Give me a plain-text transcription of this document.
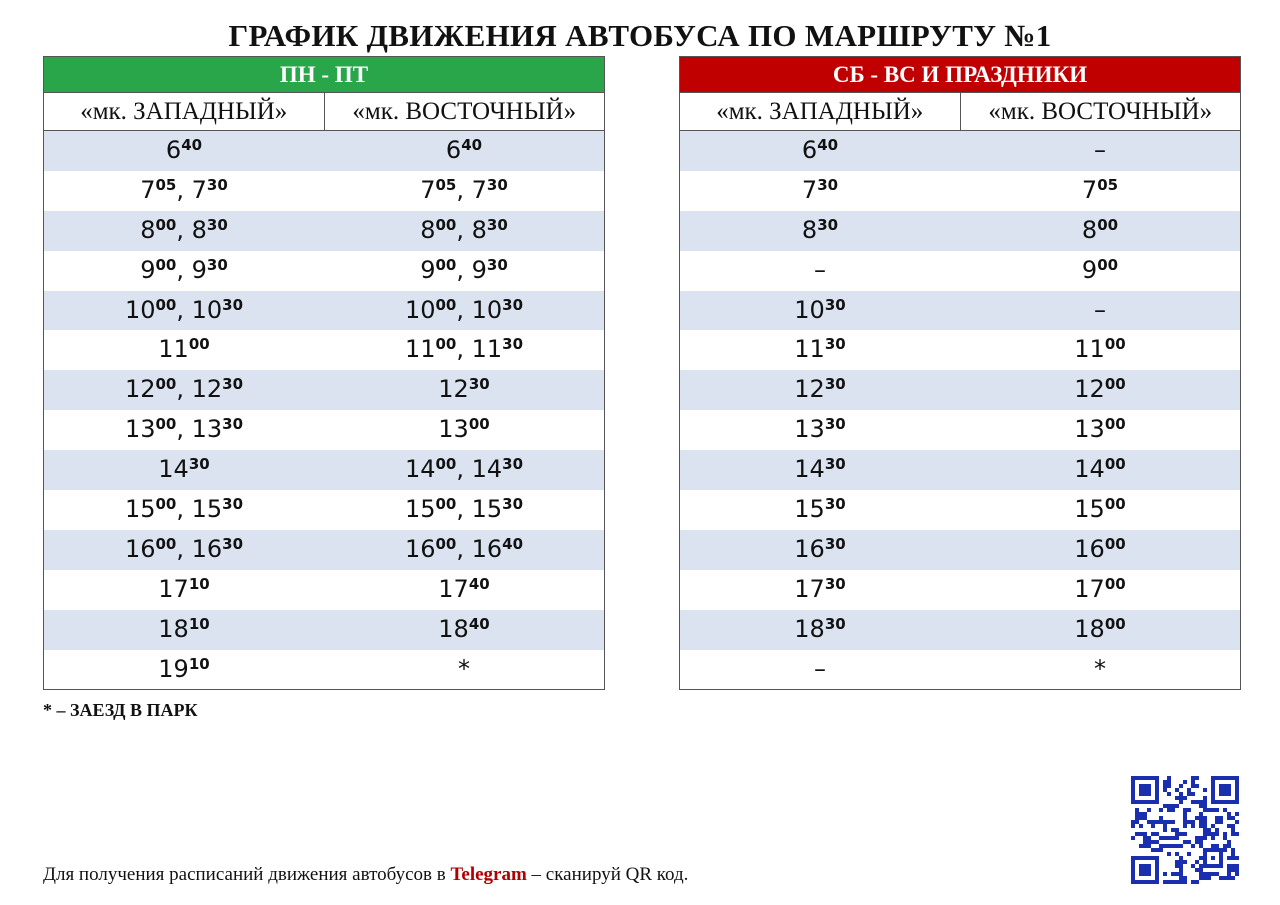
ГРАФИК ДВИЖЕНИЯ АВТОБУСА ПО МАРШРУТУ №1
ПН - ПТ
«мк. ЗАПАДНЫЙ»	«мк. ВОСТОЧНЫЙ»
$6^{40}$	$6^{40}$
$7^{05}$, $7^{30}$	$7^{05}$, $7^{30}$
$8^{00}$, $8^{30}$	$8^{00}$, $8^{30}$
$9^{00}$, $9^{30}$	$9^{00}$, $9^{30}$
$10^{00}$, $10^{30}$	$10^{00}$, $10^{30}$
$11^{00}$	$11^{00}$, $11^{30}$
$12^{00}$, $12^{30}$	$12^{30}$
$13^{00}$, $13^{30}$	$13^{00}$
$14^{30}$	$14^{00}$, $14^{30}$
$15^{00}$, $15^{30}$	$15^{00}$, $15^{30}$
$16^{00}$, $16^{30}$	$16^{00}$, $16^{40}$
$17^{10}$	$17^{40}$
$18^{10}$	$18^{40}$
$19^{10}$	*
СБ - ВС И ПРАЗДНИКИ
«мк. ЗАПАДНЫЙ»	«мк. ВОСТОЧНЫЙ»
$6^{40}$	–
$7^{30}$	$7^{05}$
$8^{30}$	$8^{00}$
–	$9^{00}$
$10^{30}$	–
$11^{30}$	$11^{00}$
$12^{30}$	$12^{00}$
$13^{30}$	$13^{00}$
$14^{30}$	$14^{00}$
$15^{30}$	$15^{00}$
$16^{30}$	$16^{00}$
$17^{30}$	$17^{00}$
$18^{30}$	$18^{00}$
–	*
* – ЗАЕЗД В ПАРК
Для получения расписаний движения автобусов в Telegram – сканируй QR код.
